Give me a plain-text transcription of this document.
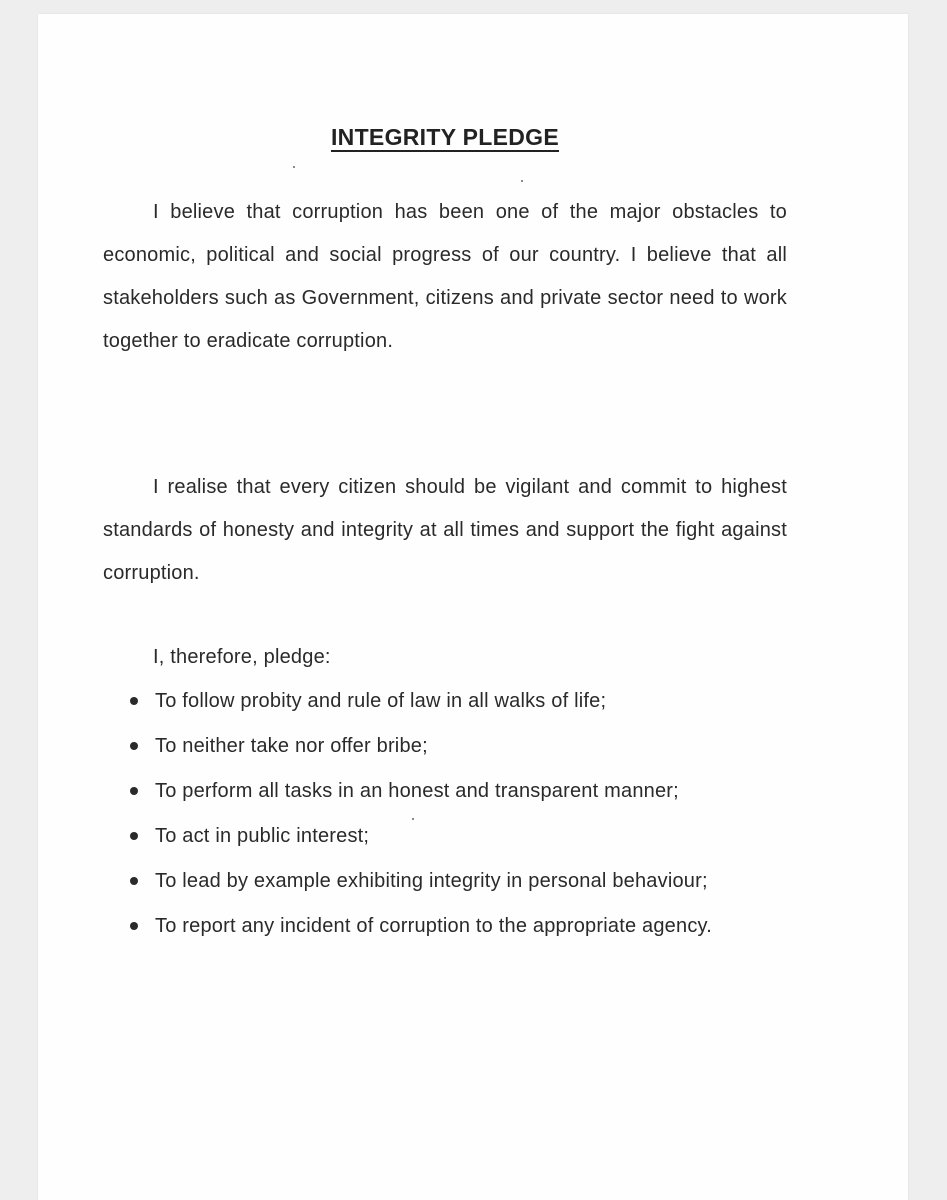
INTEGRITY PLEDGE

I believe that corruption has been one of the major obstacles to economic, political and social progress of our country. I believe that all stakeholders such as Government, citizens and private sector need to work together to eradicate corruption.

I realise that every citizen should be vigilant and commit to highest standards of honesty and integrity at all times and support the fight against corruption.

I, therefore, pledge:
To follow probity and rule of law in all walks of life;
To neither take nor offer bribe;
To perform all tasks in an honest and transparent manner;
To act in public interest;
To lead by example exhibiting integrity in personal behaviour;
To report any incident of corruption to the appropriate agency.
